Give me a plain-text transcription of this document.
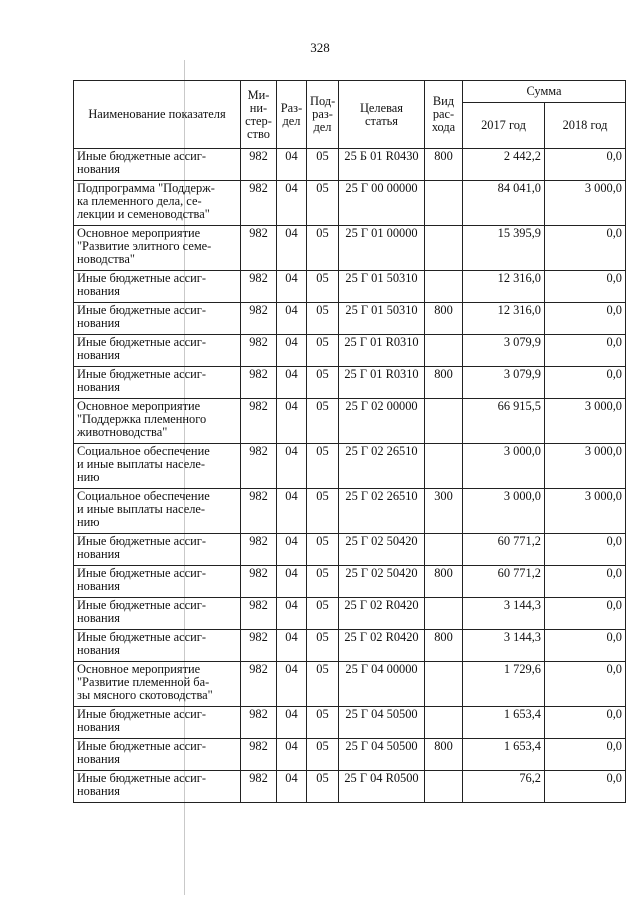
328
Наименование показателя	Ми-
ни-
стер-
ство	Раз-
дел	Под-
раз-
дел	Целевая
статья	Вид
рас-
хода	Сумма	
						2017 год	2018 год
Иные бюджетные ассиг-
нования	982	04	05	25 Б 01 R0430	800	2 442,2	0,0
Подпрограмма "Поддерж-
ка племенного дела, се-
лекции и семеноводства"	982	04	05	25 Г 00 00000		84 041,0	3 000,0
Основное мероприятие
"Развитие элитного семе-
новодства"	982	04	05	25 Г 01 00000		15 395,9	0,0
Иные бюджетные ассиг-
нования	982	04	05	25 Г 01 50310		12 316,0	0,0
Иные бюджетные ассиг-
нования	982	04	05	25 Г 01 50310	800	12 316,0	0,0
Иные бюджетные ассиг-
нования	982	04	05	25 Г 01 R0310		3 079,9	0,0
Иные бюджетные ассиг-
нования	982	04	05	25 Г 01 R0310	800	3 079,9	0,0
Основное мероприятие
"Поддержка племенного
животноводства"	982	04	05	25 Г 02 00000		66 915,5	3 000,0
Социальное обеспечение
и иные выплаты населе-
нию	982	04	05	25 Г 02 26510		3 000,0	3 000,0
Социальное обеспечение
и иные выплаты населе-
нию	982	04	05	25 Г 02 26510	300	3 000,0	3 000,0
Иные бюджетные ассиг-
нования	982	04	05	25 Г 02 50420		60 771,2	0,0
Иные бюджетные ассиг-
нования	982	04	05	25 Г 02 50420	800	60 771,2	0,0
Иные бюджетные ассиг-
нования	982	04	05	25 Г 02 R0420		3 144,3	0,0
Иные бюджетные ассиг-
нования	982	04	05	25 Г 02 R0420	800	3 144,3	0,0
Основное мероприятие
"Развитие племенной ба-
зы мясного скотоводства"	982	04	05	25 Г 04 00000		1 729,6	0,0
Иные бюджетные ассиг-
нования	982	04	05	25 Г 04 50500		1 653,4	0,0
Иные бюджетные ассиг-
нования	982	04	05	25 Г 04 50500	800	1 653,4	0,0
Иные бюджетные ассиг-
нования	982	04	05	25 Г 04 R0500		76,2	0,0
